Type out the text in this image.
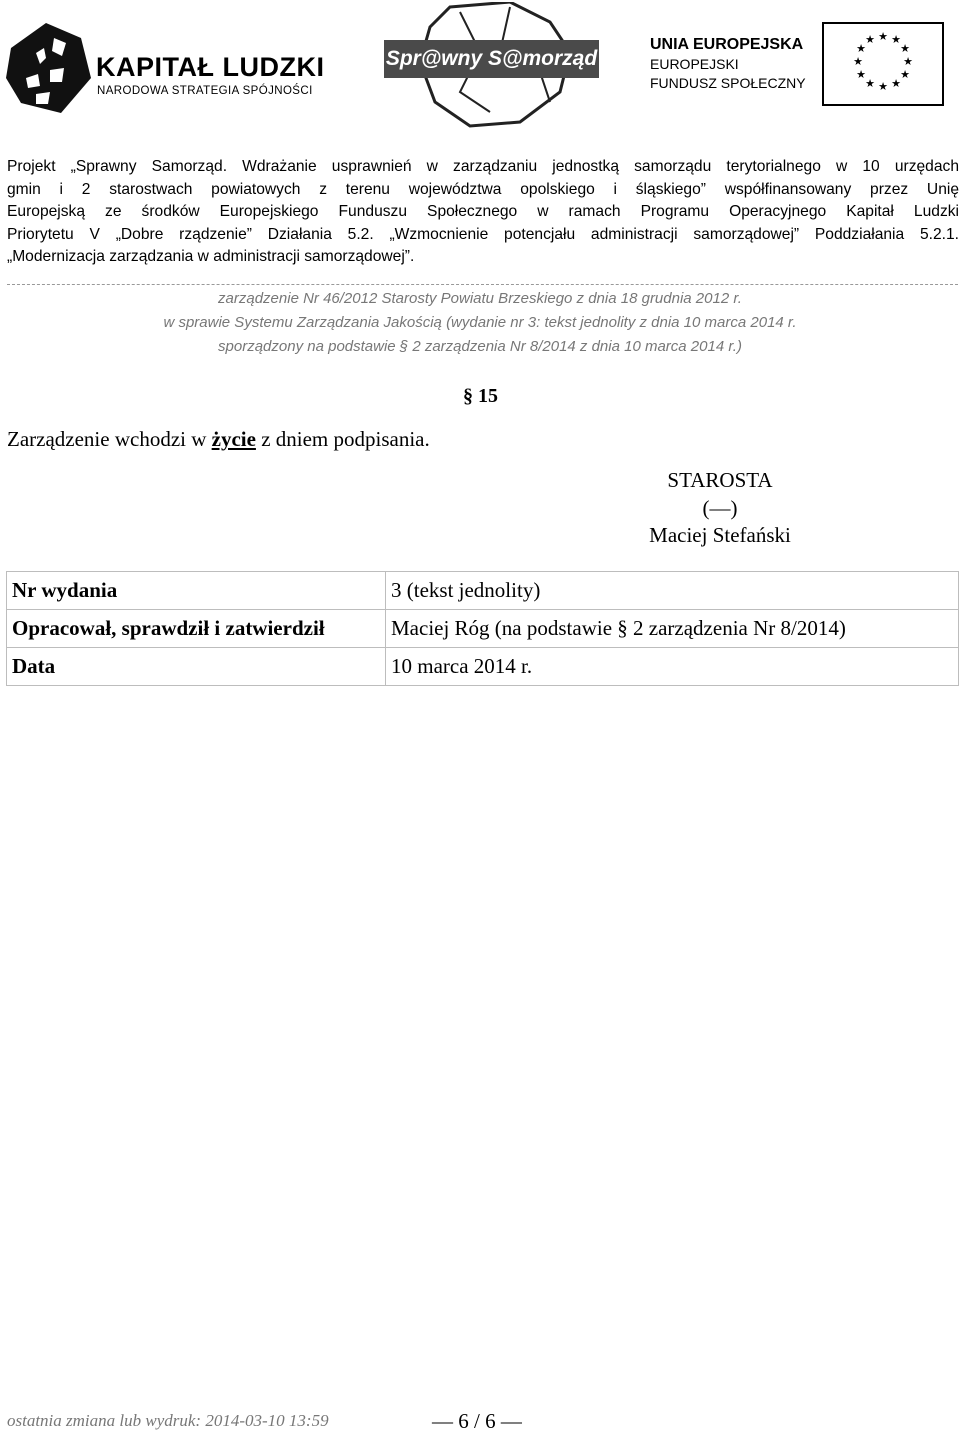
KAPITAŁ LUDZKI
NARODOWA STRATEGIA SPÓJNOŚCI
Spr@wny S@morząd
UNIA EUROPEJSKA
EUROPEJSKI
FUNDUSZ SPOŁECZNY
★ ★
★
★
★
★
★
★
★
★
★
★
Projekt „Sprawny Samorząd. Wdrażanie usprawnień w zarządzaniu jednostką samorządu terytorialnego w 10 urzędach
gmin i 2 starostwach powiatowych z terenu województwa opolskiego i śląskiego” współfinansowany przez Unię
Europejską ze środków Europejskiego Funduszu Społecznego w ramach Programu Operacyjnego Kapitał Ludzki
Priorytetu V „Dobre rządzenie” Działania 5.2. „Wzmocnienie potencjału administracji samorządowej” Poddziałania 5.2.1.
„Modernizacja zarządzania w administracji samorządowej”.
zarządzenie Nr 46/2012 Starosty Powiatu Brzeskiego z dnia 18 grudnia 2012 r.
w sprawie Systemu Zarządzania Jakością (wydanie nr 3: tekst jednolity z dnia 10 marca 2014 r.
sporządzony na podstawie § 2 zarządzenia Nr 8/2014 z dnia 10 marca 2014 r.)
§ 15
Zarządzenie wchodzi w życie z dniem podpisania.
STAROSTA
(—)
Maciej Stefański
Nr wydania	3 (tekst jednolity)
Opracował, sprawdził i zatwierdził	Maciej Róg (na podstawie § 2 zarządzenia Nr 8/2014)
Data	10 marca 2014 r.
ostatnia zmiana lub wydruk: 2014-03-10 13:59	— 6 / 6 —
